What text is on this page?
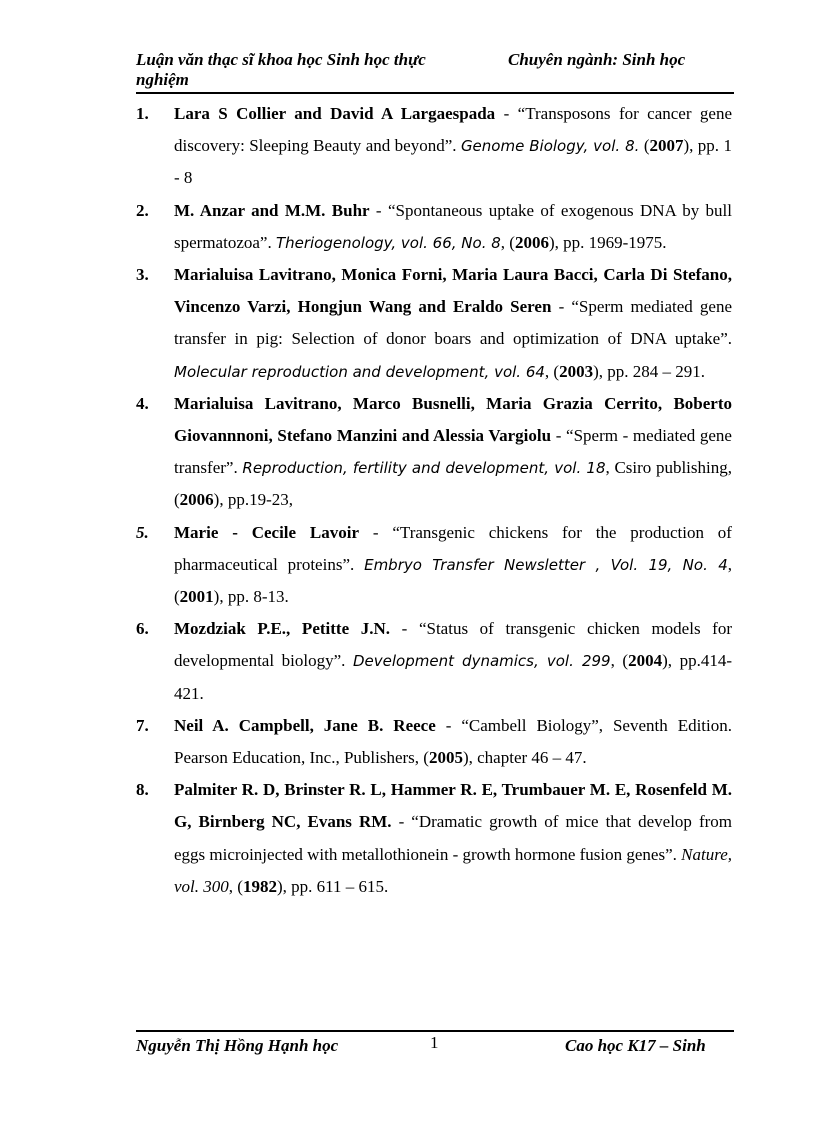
Luận văn thạc sĩ khoa học Sinh học thực nghiệm
Chuyên ngành: Sinh học
1. Lara S Collier and David A Largaespada - “Transposons for cancer gene discovery: Sleeping Beauty and beyond”. Genome Biology, vol. 8. (2007), pp. 1 - 8
2. M. Anzar and M.M. Buhr - “Spontaneous uptake of exogenous DNA by bull spermatozoa”. Theriogenology, vol. 66, No. 8, (2006), pp. 1969-1975.
3. Marialuisa Lavitrano, Monica Forni, Maria Laura Bacci, Carla Di Stefano, Vincenzo Varzi, Hongjun Wang and Eraldo Seren - “Sperm mediated gene transfer in pig: Selection of donor boars and optimization of DNA uptake”. Molecular reproduction and development, vol. 64, (2003), pp. 284 – 291.
4. Marialuisa Lavitrano, Marco Busnelli, Maria Grazia Cerrito, Boberto Giovannnoni, Stefano Manzini and Alessia Vargiolu - “Sperm - mediated gene transfer”. Reproduction, fertility and development, vol. 18, Csiro publishing, (2006), pp.19-23,
5. Marie - Cecile Lavoir - “Transgenic chickens for the production of pharmaceutical proteins”. Embryo Transfer Newsletter , Vol. 19, No. 4, (2001), pp. 8-13.
6. Mozdziak P.E., Petitte J.N. - “Status of transgenic chicken models for developmental biology”. Development dynamics, vol. 299, (2004), pp.414-421.
7. Neil A. Campbell, Jane B. Reece - “Cambell Biology”, Seventh Edition. Pearson Education, Inc., Publishers, (2005), chapter 46 – 47.
8. Palmiter R. D, Brinster R. L, Hammer R. E, Trumbauer M. E, Rosenfeld M. G, Birnberg NC, Evans RM. - “Dramatic growth of mice that develop from eggs microinjected with metallothionein - growth hormone fusion genes”. Nature, vol. 300, (1982), pp. 611 – 615.
Nguyễn Thị Hồng Hạnh học	1	Cao học K17 – Sinh
